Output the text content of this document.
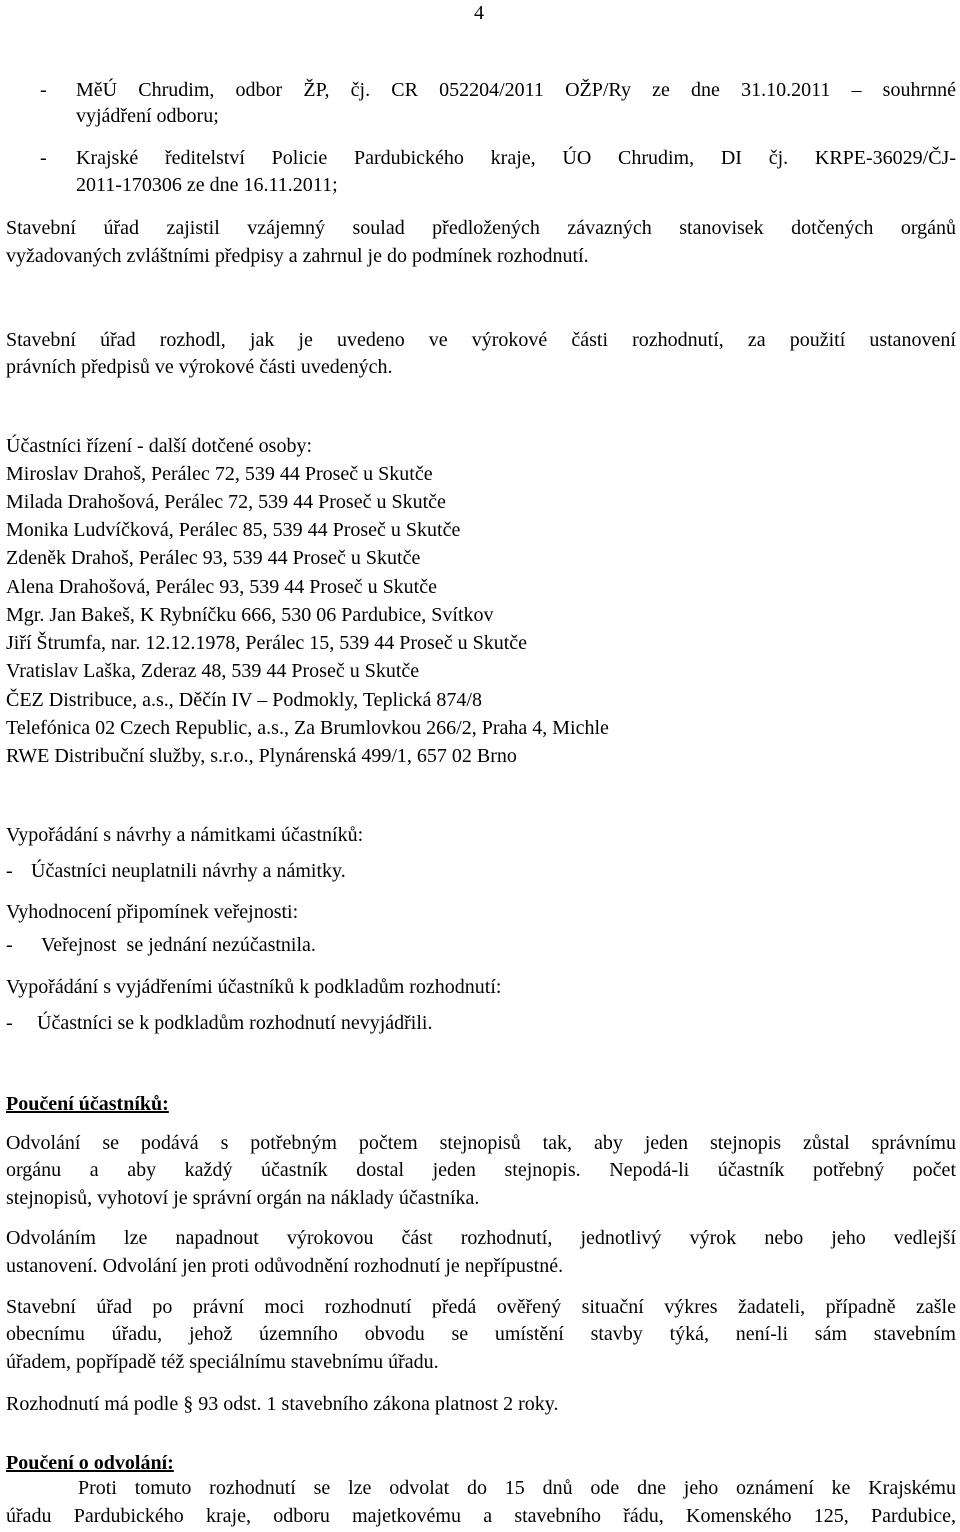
4
- MěÚ Chrudim, odbor ŽP, čj. CR 052204/2011 OŽP/Ry ze dne 31.10.2011 – souhrnné
vyjádření odboru;
- Krajské ředitelství Policie Pardubického kraje, ÚO Chrudim, DI čj. KRPE-36029/ČJ-
2011-170306 ze dne 16.11.2011;
Stavební úřad zajistil vzájemný soulad předložených závazných stanovisek dotčených orgánů
vyžadovaných zvláštními předpisy a zahrnul je do podmínek rozhodnutí.
Stavební úřad rozhodl, jak je uvedeno ve výrokové části rozhodnutí, za použití ustanovení
právních předpisů ve výrokové části uvedených.
Účastníci řízení - další dotčené osoby:
Miroslav Drahoš, Perálec 72, 539 44 Proseč u Skutče
Milada Drahošová, Perálec 72, 539 44 Proseč u Skutče
Monika Ludvíčková, Perálec 85, 539 44 Proseč u Skutče
Zdeněk Drahoš, Perálec 93, 539 44 Proseč u Skutče
Alena Drahošová, Perálec 93, 539 44 Proseč u Skutče
Mgr. Jan Bakeš, K Rybníčku 666, 530 06 Pardubice, Svítkov
Jiří Štrumfa, nar. 12.12.1978, Perálec 15, 539 44 Proseč u Skutče
Vratislav Laška, Zderaz 48, 539 44 Proseč u Skutče
ČEZ Distribuce, a.s., Děčín IV – Podmokly, Teplická 874/8
Telefónica 02 Czech Republic, a.s., Za Brumlovkou 266/2, Praha 4, Michle
RWE Distribuční služby, s.r.o., Plynárenská 499/1, 657 02 Brno
Vypořádání s návrhy a námitkami účastníků:
- Účastníci neuplatnili návrhy a námitky.
Vyhodnocení připomínek veřejnosti:
- Veřejnost  se jednání nezúčastnila.
Vypořádání s vyjádřeními účastníků k podkladům rozhodnutí:
- Účastníci se k podkladům rozhodnutí nevyjádřili.
Poučení účastníků:
Odvolání se podává s potřebným počtem stejnopisů tak, aby jeden stejnopis zůstal správnímu
orgánu a aby každý účastník dostal jeden stejnopis. Nepodá-li účastník potřebný počet
stejnopisů, vyhotoví je správní orgán na náklady účastníka.
Odvoláním lze napadnout výrokovou část rozhodnutí, jednotlivý výrok nebo jeho vedlejší
ustanovení. Odvolání jen proti odůvodnění rozhodnutí je nepřípustné.
Stavební úřad po právní moci rozhodnutí předá ověřený situační výkres žadateli, případně zašle
obecnímu úřadu, jehož územního obvodu se umístění stavby týká, není-li sám stavebním
úřadem, popřípadě též speciálnímu stavebnímu úřadu.
Rozhodnutí má podle § 93 odst. 1 stavebního zákona platnost 2 roky.
Poučení o odvolání:
Proti tomuto rozhodnutí se lze odvolat do 15 dnů ode dne jeho oznámení ke Krajskému
úřadu Pardubického kraje, odboru majetkovému a stavebního řádu, Komenského 125, Pardubice,
